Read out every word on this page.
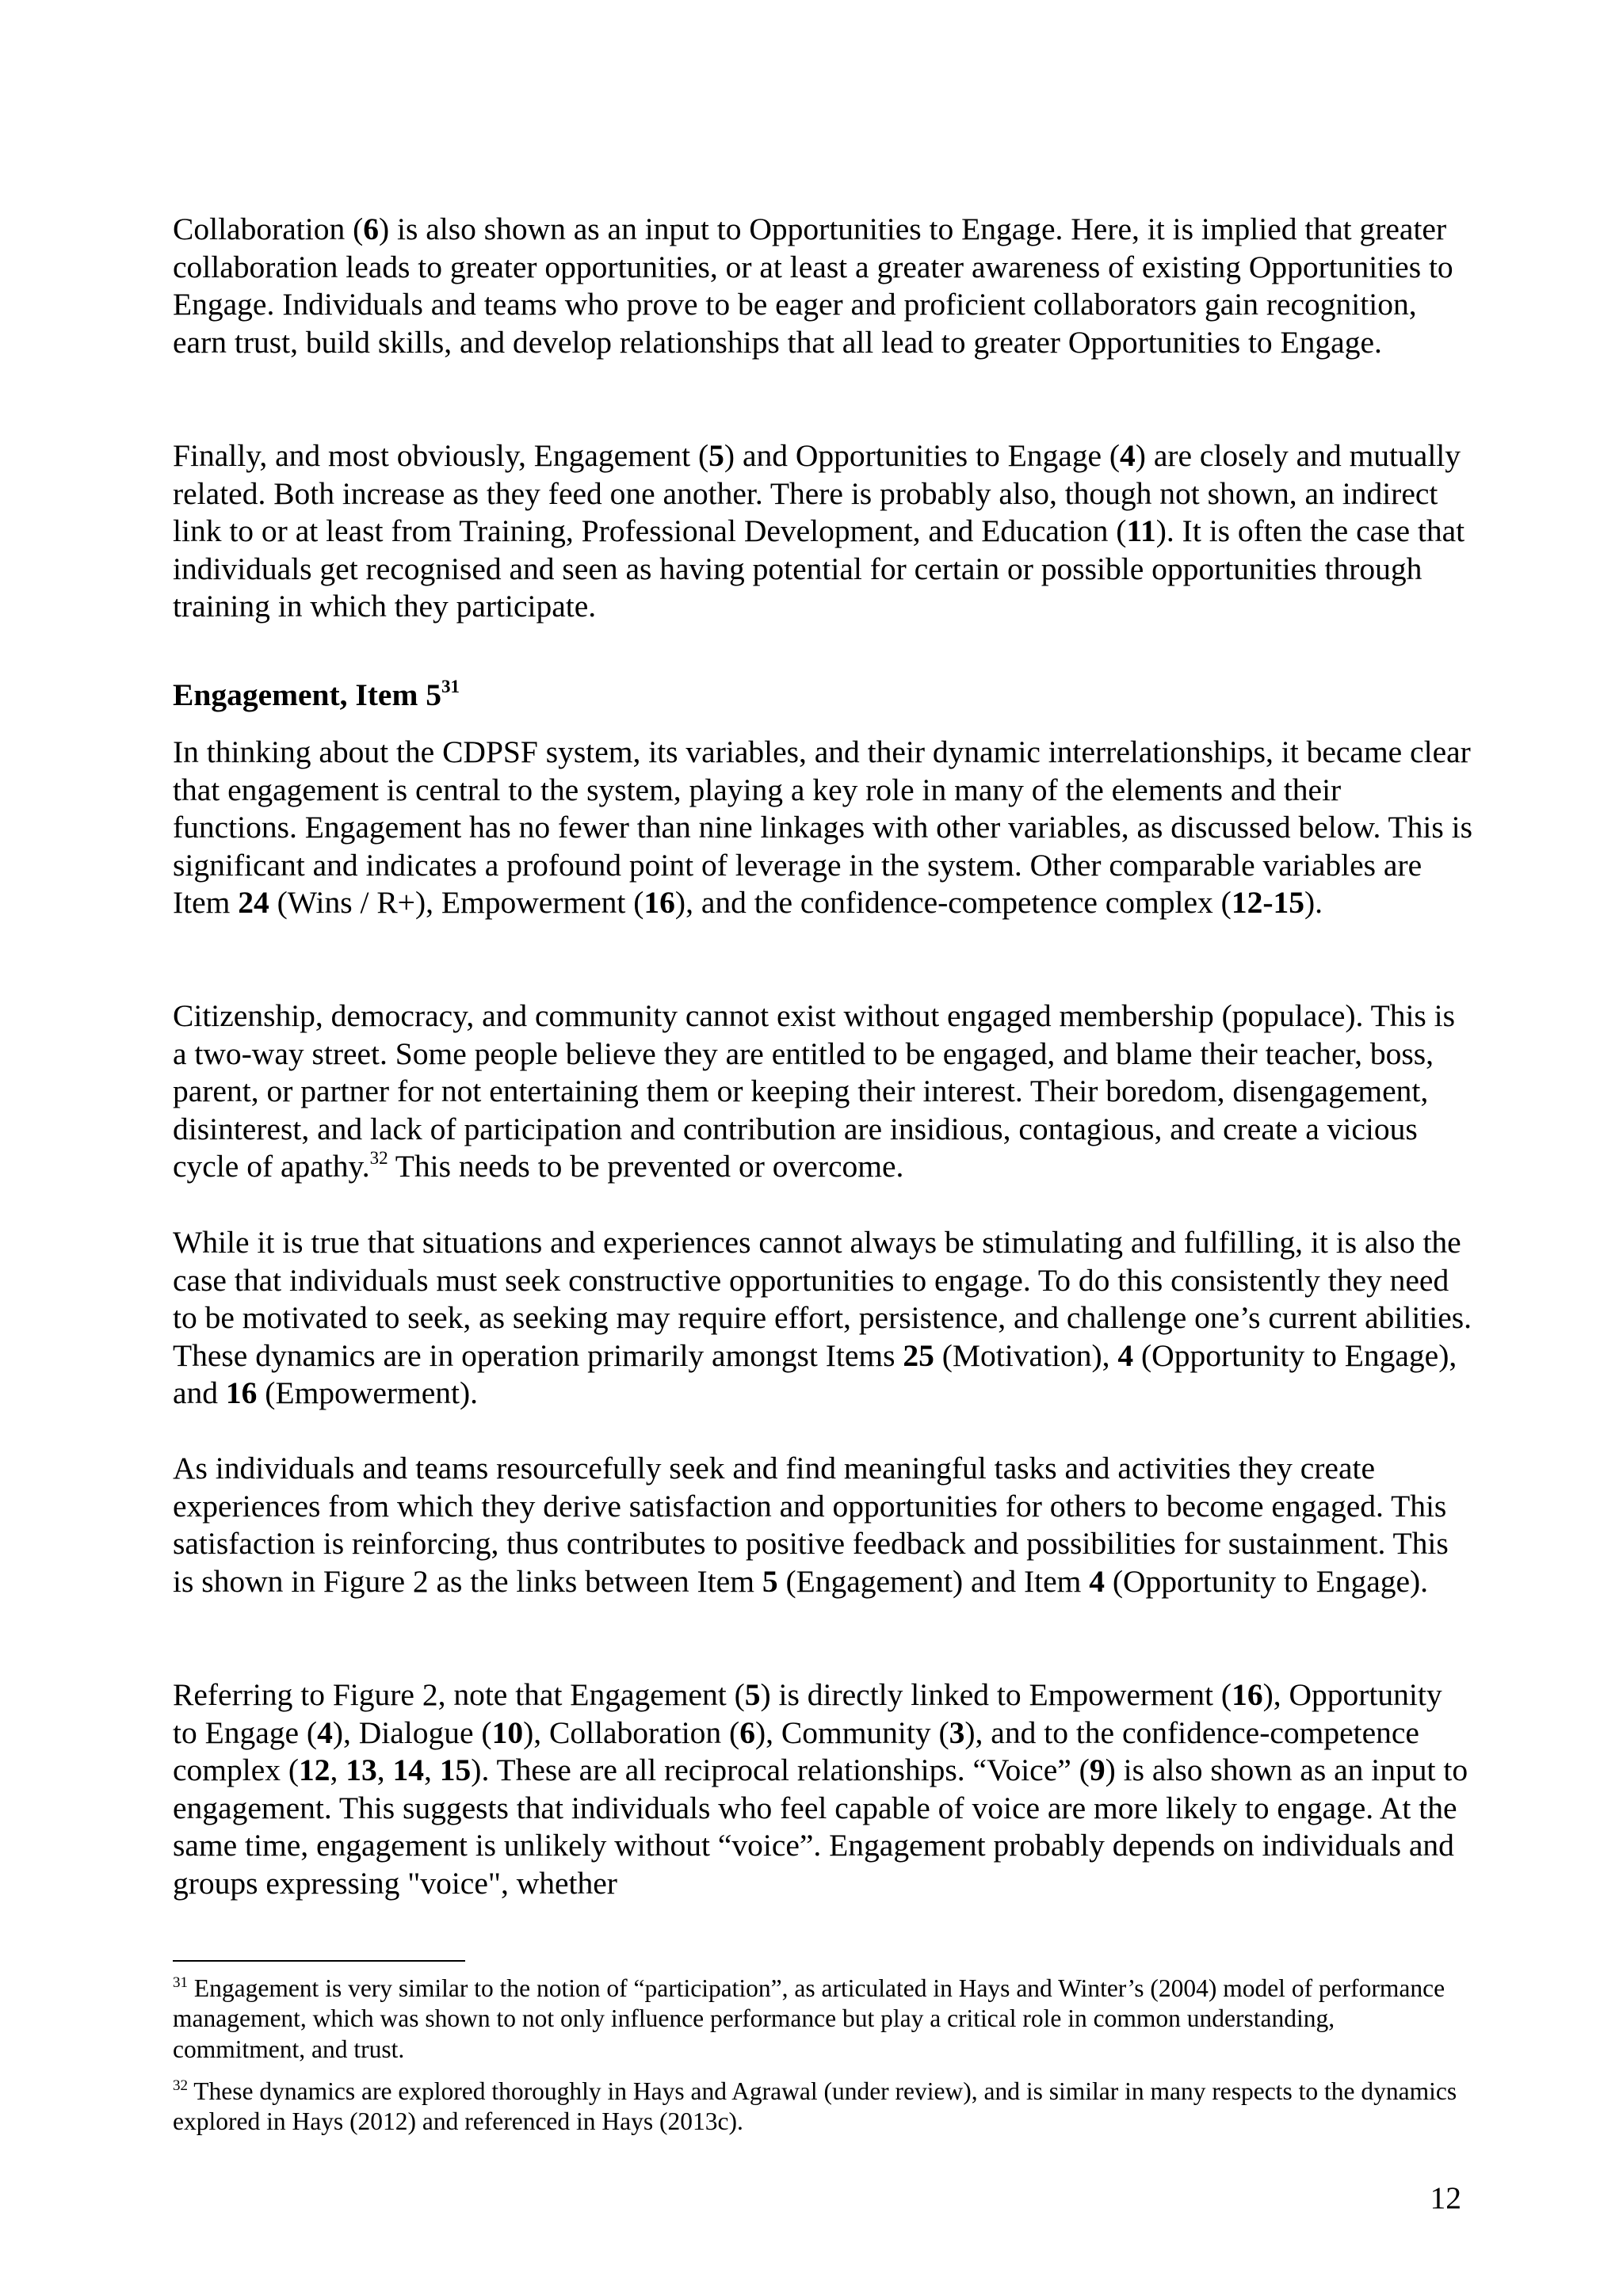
Collaboration (6) is also shown as an input to Opportunities to Engage. Here, it is implied that greater collaboration leads to greater opportunities, or at least a greater awareness of existing Opportunities to Engage. Individuals and teams who prove to be eager and proficient collaborators gain recognition, earn trust, build skills, and develop relationships that all lead to greater Opportunities to Engage.

Finally, and most obviously, Engagement (5) and Opportunities to Engage (4) are closely and mutually related. Both increase as they feed one another. There is probably also, though not shown, an indirect link to or at least from Training, Professional Development, and Education (11). It is often the case that individuals get recognised and seen as having potential for certain or possible opportunities through training in which they participate.

Engagement, Item 5$^{31}$

In thinking about the CDPSF system, its variables, and their dynamic interrelationships, it became clear that engagement is central to the system, playing a key role in many of the elements and their functions. Engagement has no fewer than nine linkages with other variables, as discussed below. This is significant and indicates a profound point of leverage in the system. Other comparable variables are Item 24 (Wins / R+), Empowerment (16), and the confidence-competence complex (12-15).

Citizenship, democracy, and community cannot exist without engaged membership (populace). This is a two-way street. Some people believe they are entitled to be engaged, and blame their teacher, boss, parent, or partner for not entertaining them or keeping their interest. Their boredom, disengagement, disinterest, and lack of participation and contribution are insidious, contagious, and create a vicious cycle of apathy.$^{32}$ This needs to be prevented or overcome.

While it is true that situations and experiences cannot always be stimulating and fulfilling, it is also the case that individuals must seek constructive opportunities to engage. To do this consistently they need to be motivated to seek, as seeking may require effort, persistence, and challenge one’s current abilities. These dynamics are in operation primarily amongst Items 25 (Motivation), 4 (Opportunity to Engage), and 16 (Empowerment).

As individuals and teams resourcefully seek and find meaningful tasks and activities they create experiences from which they derive satisfaction and opportunities for others to become engaged. This satisfaction is reinforcing, thus contributes to positive feedback and possibilities for sustainment. This is shown in Figure 2 as the links between Item 5 (Engagement) and Item 4 (Opportunity to Engage).

Referring to Figure 2, note that Engagement (5) is directly linked to Empowerment (16), Opportunity to Engage (4), Dialogue (10), Collaboration (6), Community (3), and to the confidence-competence complex (12, 13, 14, 15). These are all reciprocal relationships. “Voice” (9) is also shown as an input to engagement. This suggests that individuals who feel capable of voice are more likely to engage. At the same time, engagement is unlikely without “voice”. Engagement probably depends on individuals and groups expressing "voice", whether

$^{31}$ Engagement is very similar to the notion of “participation”, as articulated in Hays and Winter’s (2004) model of performance management, which was shown to not only influence performance but play a critical role in common understanding, commitment, and trust.

$^{32}$ These dynamics are explored thoroughly in Hays and Agrawal (under review), and is similar in many respects to the dynamics explored in Hays (2012) and referenced in Hays (2013c).

12
